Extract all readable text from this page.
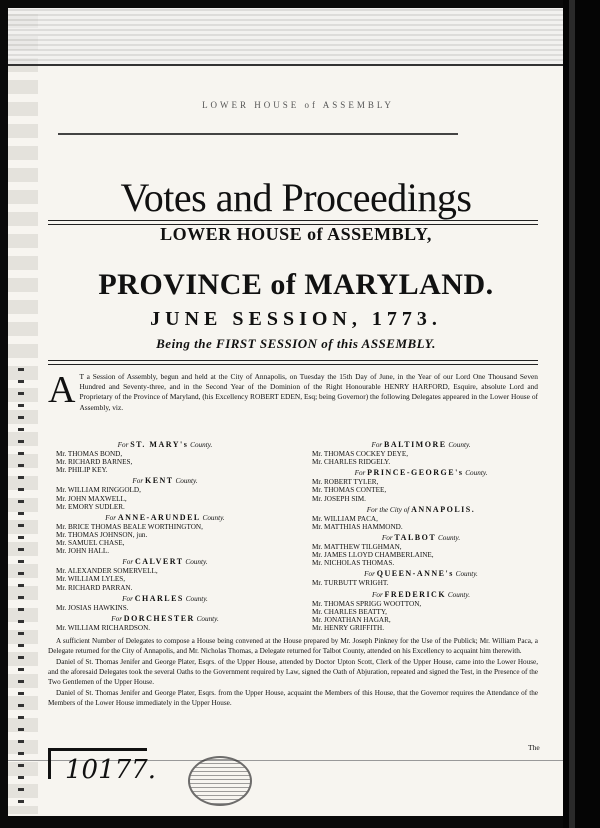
LOWER HOUSE of ASSEMBLY
Votes and Proceedings
LOWER HOUSE of ASSEMBLY,
PROVINCE of MARYLAND.
JUNE SESSION, 1773.
Being the FIRST SESSION of this ASSEMBLY.
A T a Session of Assembly, begun and held at the City of Annapolis, on Tuesday the 15th Day of June, in the Year of our Lord One Thousand Seven Hundred and Seventy-three, and in the Second Year of the Dominion of the Right Honourable HENRY HARFORD, Esquire, absolute Lord and Proprietary of the Province of Maryland, (his Excellency ROBERT EDEN, Esq; being Governor) the following Delegates appeared in the Lower House of Assembly, viz.
For ST. MARY's County.
Mr. THOMAS BOND,
Mr. RICHARD BARNES,
Mr. PHILIP KEY.
For KENT County.
Mr. WILLIAM RINGGOLD,
Mr. JOHN MAXWELL,
Mr. EMORY SUDLER.
For ANNE-ARUNDEL County.
Mr. BRICE THOMAS BEALE WORTHINGTON,
Mr. THOMAS JOHNSON, jun.
Mr. SAMUEL CHASE,
Mr. JOHN HALL.
For CALVERT County.
Mr. ALEXANDER SOMERVELL,
Mr. WILLIAM LYLES,
Mr. RICHARD PARRAN.
For CHARLES County.
Mr. JOSIAS HAWKINS.
For DORCHESTER County.
Mr. WILLIAM RICHARDSON.
For BALTIMORE County.
Mr. THOMAS COCKEY DEYE,
Mr. CHARLES RIDGELY.
For PRINCE-GEORGE's County.
Mr. ROBERT TYLER,
Mr. THOMAS CONTEE,
Mr. JOSEPH SIM.
For the City of ANNAPOLIS.
Mr. WILLIAM PACA,
Mr. MATTHIAS HAMMOND.
For TALBOT County.
Mr. MATTHEW TILGHMAN,
Mr. JAMES LLOYD CHAMBERLAINE,
Mr. NICHOLAS THOMAS.
For QUEEN-ANNE's County.
Mr. TURBUTT WRIGHT.
For FREDERICK County.
Mr. THOMAS SPRIGG WOOTTON,
Mr. CHARLES BEATTY,
Mr. JONATHAN HAGAR,
Mr. HENRY GRIFFITH.

A sufficient Number of Delegates to compose a House being convened at the House prepared by Mr. Joseph Pinkney for the Use of the Publick; Mr. William Paca, a Delegate returned for the City of Annapolis, and Mr. Nicholas Thomas, a Delegate returned for Talbot County, attended on his Excellency to acquaint him therewith.

Daniel of St. Thomas Jenifer and George Plater, Esqrs. of the Upper House, attended by Doctor Upton Scott, Clerk of the Upper House, came into the Lower House, and the aforesaid Delegates took the several Oaths to the Government required by Law, signed the Oath of Abjuration, repeated and signed the Test, in the Presence of the Two Gentlemen of the Upper House.

Daniel of St. Thomas Jenifer and George Plater, Esqrs. from the Upper House, acquaint the Members of this House, that the Governor requires the Attendance of the Members of the Lower House immediately in the Upper House.

The
10177.
